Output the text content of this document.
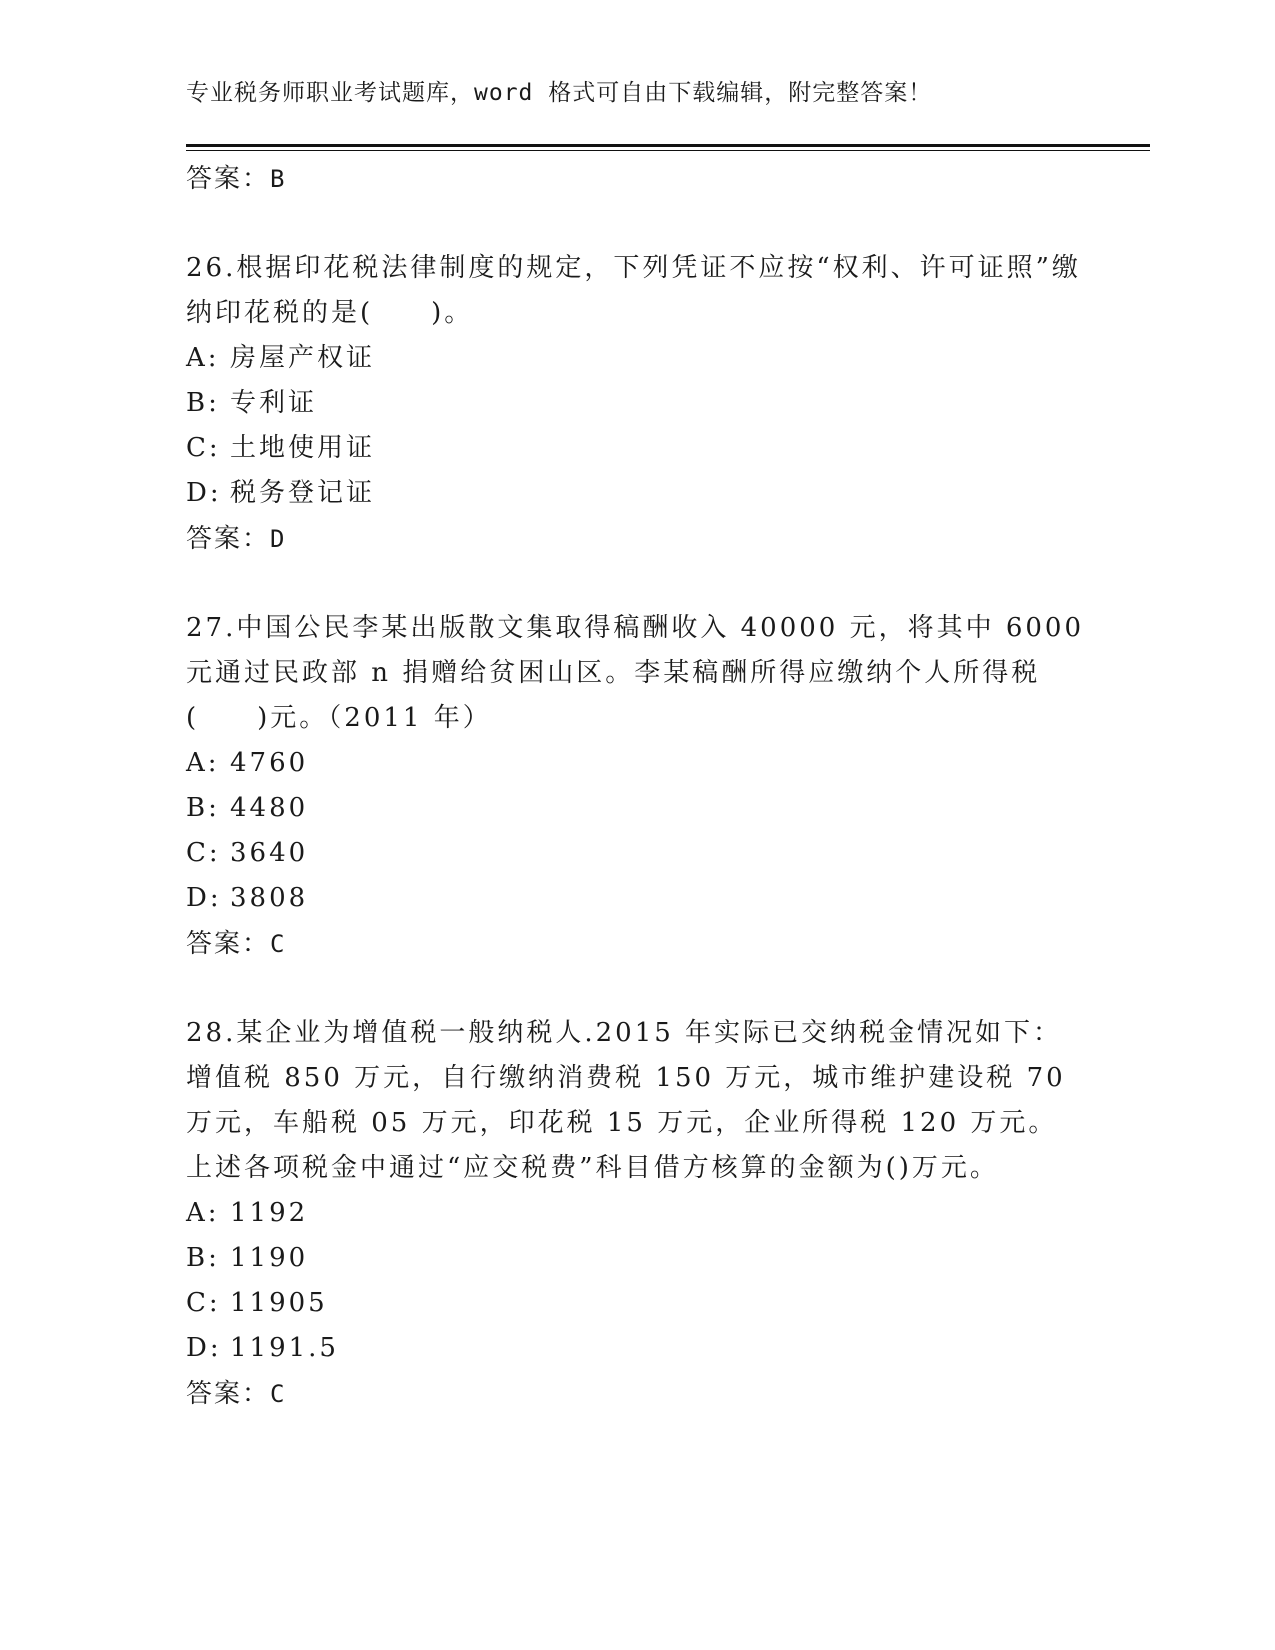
专业税务师职业考试题库，word 格式可自由下载编辑，附完整答案！
答案：B
26.根据印花税法律制度的规定，下列凭证不应按“权利、许可证照”缴纳印花税的是(　　)。
A: 房屋产权证
B: 专利证
C: 土地使用证
D: 税务登记证
答案：D
27.中国公民李某出版散文集取得稿酬收入 40000 元，将其中 6000 元通过民政部 n 捐赠给贫困山区。李某稿酬所得应缴纳个人所得税(　　)元。（2011 年）
A: 4760
B: 4480
C: 3640
D: 3808
答案：C
28.某企业为增值税一般纳税人.2015 年实际已交纳税金情况如下：增值税 850 万元，自行缴纳消费税 150 万元，城市维护建设税 70 万元，车船税 05 万元，印花税 15 万元，企业所得税 120 万元。上述各项税金中通过“应交税费”科目借方核算的金额为()万元。
A: 1192
B: 1190
C: 11905
D: 1191.5
答案：C
